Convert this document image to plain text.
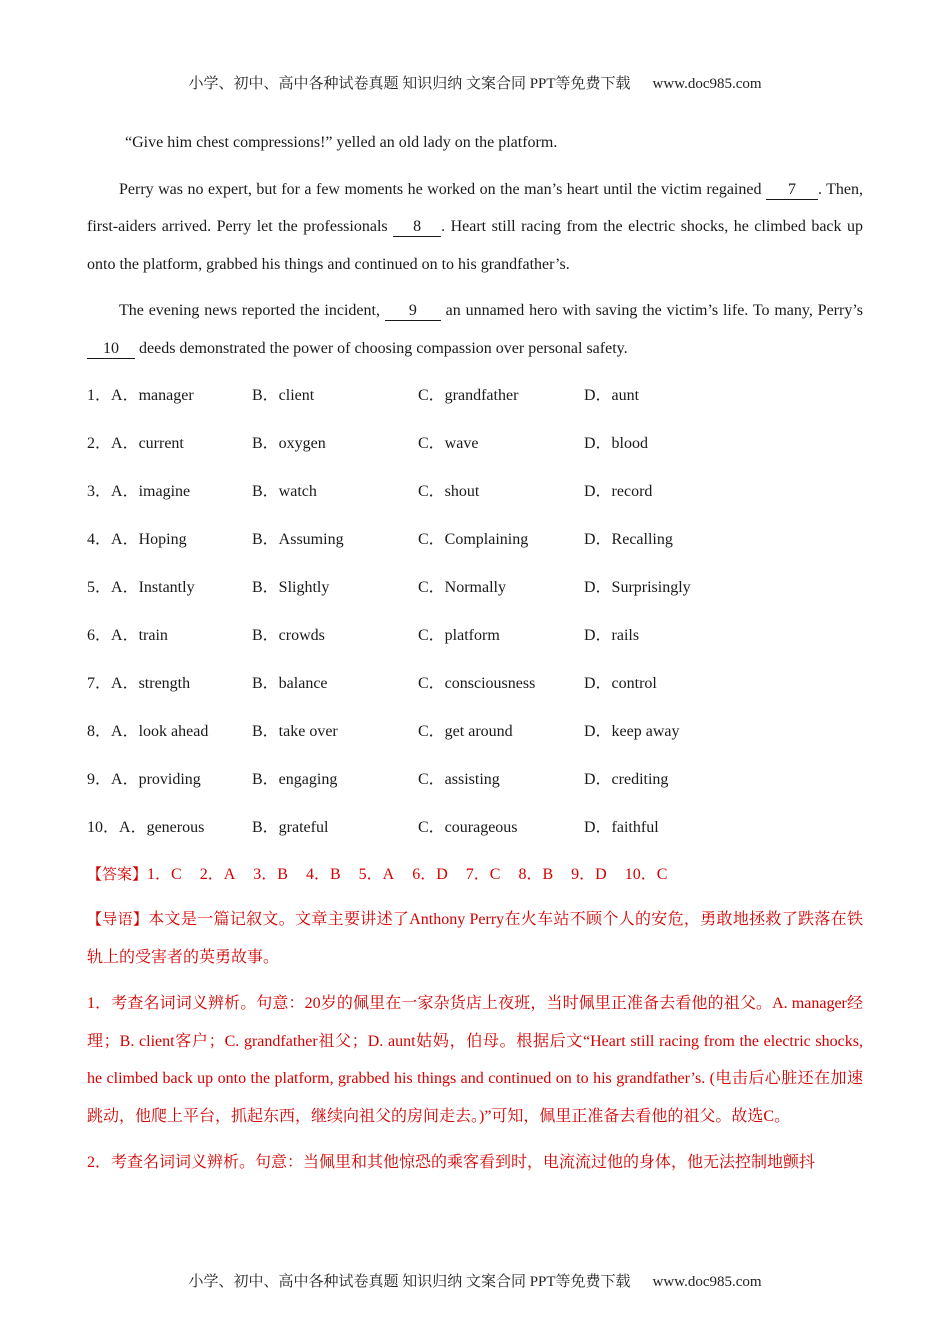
小学、初中、高中各种试卷真题 知识归纳 文案合同 PPT等免费下载 www.doc985.com

“Give him chest compressions!” yelled an old lady on the platform.

Perry was no expert, but for a few moments he worked on the man’s heart until the victim regained 7 . Then, first-aiders arrived. Perry let the professionals 8 . Heart still racing from the electric shocks, he climbed back up onto the platform, grabbed his things and continued on to his grandfather’s.

The evening news reported the incident, 9 an unnamed hero with saving the victim’s life. To many, Perry’s 10 deeds demonstrated the power of choosing compassion over personal safety.

1．A．manager	B．client	C．grandfather	D．aunt
2．A．current	B．oxygen	C．wave	D．blood
3．A．imagine	B．watch	C．shout	D．record
4．A．Hoping	B．Assuming	C．Complaining	D．Recalling
5．A．Instantly	B．Slightly	C．Normally	D．Surprisingly
6．A．train	B．crowds	C．platform	D．rails
7．A．strength	B．balance	C．consciousness	D．control
8．A．look ahead	B．take over	C．get around	D．keep away
9．A．providing	B．engaging	C．assisting	D．crediting
10．A．generous	B．grateful	C．courageous	D．faithful

【答案】1．C 2．A 3．B 4．B 5．A 6．D 7．C 8．B 9．D 10．C

【导语】本文是一篇记叙文。文章主要讲述了Anthony Perry在火车站不顾个人的安危，勇敢地拯救了跌落在铁轨上的受害者的英勇故事。

1．考查名词词义辨析。句意：20岁的佩里在一家杂货店上夜班，当时佩里正准备去看他的祖父。A. manager经理；B. client客户；C. grandfather祖父；D. aunt姑妈，伯母。根据后文“Heart still racing from the electric shocks, he climbed back up onto the platform, grabbed his things and continued on to his grandfather’s. (电击后心脏还在加速跳动，他爬上平台，抓起东西，继续向祖父的房间走去。)”可知，佩里正准备去看他的祖父。故选C。

2．考查名词词义辨析。句意：当佩里和其他惊恐的乘客看到时，电流流过他的身体，他无法控制地颤抖

小学、初中、高中各种试卷真题 知识归纳 文案合同 PPT等免费下载 www.doc985.com
